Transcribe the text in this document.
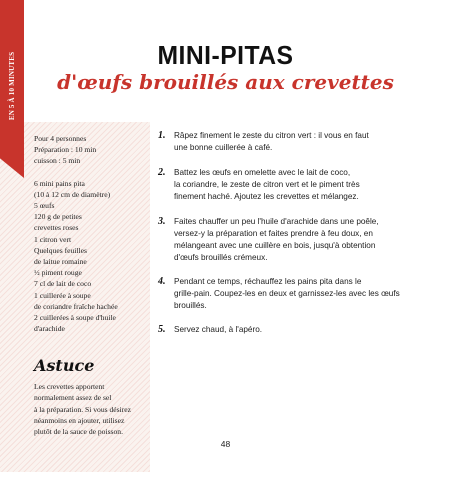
EN 5 À 10 MINUTES	MINI-PITAS
d'œufs brouillés aux crevettes
Pour 4 personnes
Préparation : 10 min
cuisson : 5 min
6 mini pains pita
(10 à 12 cm de diamètre)
5 œufs
120 g de petites
crevettes roses
1 citron vert
Quelques feuilles
de laitue romaine
½ piment rouge
7 cl de lait de coco
1 cuillerée à soupe
de coriandre fraîche hachée
2 cuillerées à soupe d'huile
d'arachide
Astuce
Les crevettes apportent
normalement assez de sel
à la préparation. Si vous désirez
néanmoins en ajouter, utilisez
plutôt de la sauce de poisson.
1. Râpez finement le zeste du citron vert : il vous en faut
une bonne cuillerée à café.
2. Battez les œufs en omelette avec le lait de coco,
la coriandre, le zeste de citron vert et le piment très
finement haché. Ajoutez les crevettes et mélangez.
3. Faites chauffer un peu l'huile d'arachide dans une poêle,
versez-y la préparation et faites prendre à feu doux, en
mélangeant avec une cuillère en bois, jusqu'à obtention
d'œufs brouillés crémeux.
4. Pendant ce temps, réchauffez les pains pita dans le
grille-pain. Coupez-les en deux et garnissez-les avec les œufs
brouillés.
5. Servez chaud, à l'apéro.
48
